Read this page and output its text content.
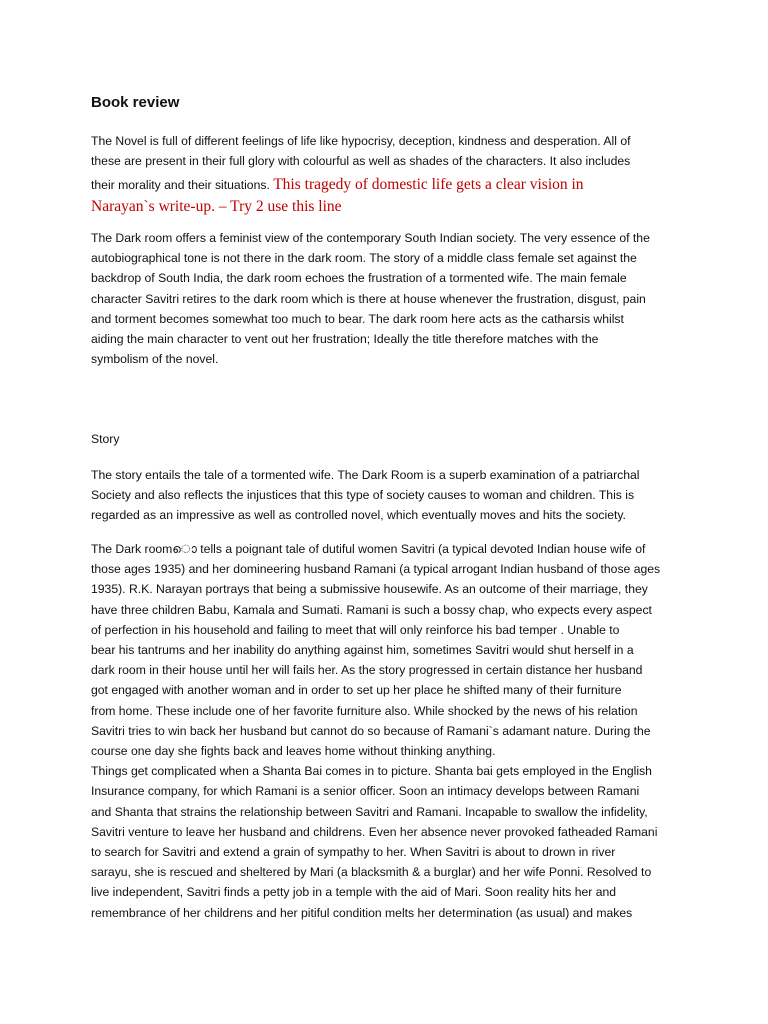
Book review
The Novel is full of different feelings of life like hypocrisy, deception, kindness and desperation. All of
these are present in their full glory with colourful as well as shades of the characters. It also includes
their morality and their situations. This tragedy of domestic life gets a clear vision in
Narayan`s write-up. – Try 2 use this line
The Dark room offers a feminist view of the contemporary South Indian society. The very essence of the
autobiographical tone is not there in the dark room. The story of a middle class female set against the
backdrop of South India, the dark room echoes the frustration of a tormented wife. The main female
character Savitri retires to the dark room which is there at house whenever the frustration, disgust, pain
and torment becomes somewhat too much to bear. The dark room here acts as the catharsis whilst
aiding the main character to vent out her frustration; Ideally the title therefore matches with the
symbolism of the novel.
Story
The story entails the tale of a tormented wife. The Dark Room is a superb examination of a patriarchal
Society and also reflects the injustices that this type of society causes to woman and children. This is
regarded as an impressive as well as controlled novel, which eventually moves and hits the society.
The Dark roomൊ tells a poignant tale of dutiful women Savitri (a typical devoted Indian house wife of
those ages 1935) and her domineering husband Ramani (a typical arrogant Indian husband of those ages
1935). R.K. Narayan portrays that being a submissive housewife. As an outcome of their marriage, they
have three children Babu, Kamala and Sumati. Ramani is such a bossy chap, who expects every aspect
of perfection in his household and failing to meet that will only reinforce his bad temper . Unable to
bear his tantrums and her inability do anything against him, sometimes Savitri would shut herself in a
dark room in their house until her will fails her. As the story progressed in certain distance her husband
got engaged with another woman and in order to set up her place he shifted many of their furniture
from home. These include one of her favorite furniture also. While shocked by the news of his relation
Savitri tries to win back her husband but cannot do so because of Ramani`s adamant nature. During the
course one day she fights back and leaves home without thinking anything.
Things get complicated when a Shanta Bai comes in to picture. Shanta bai gets employed in the English
Insurance company, for which Ramani is a senior officer. Soon an intimacy develops between Ramani
and Shanta that strains the relationship between Savitri and Ramani. Incapable to swallow the infidelity,
Savitri venture to leave her husband and childrens. Even her absence never provoked fatheaded Ramani
to search for Savitri and extend a grain of sympathy to her. When Savitri is about to drown in river
sarayu, she is rescued and sheltered by Mari (a blacksmith & a burglar) and her wife Ponni. Resolved to
live independent, Savitri finds a petty job in a temple with the aid of Mari. Soon reality hits her and
remembrance of her childrens and her pitiful condition melts her determination (as usual) and makes
